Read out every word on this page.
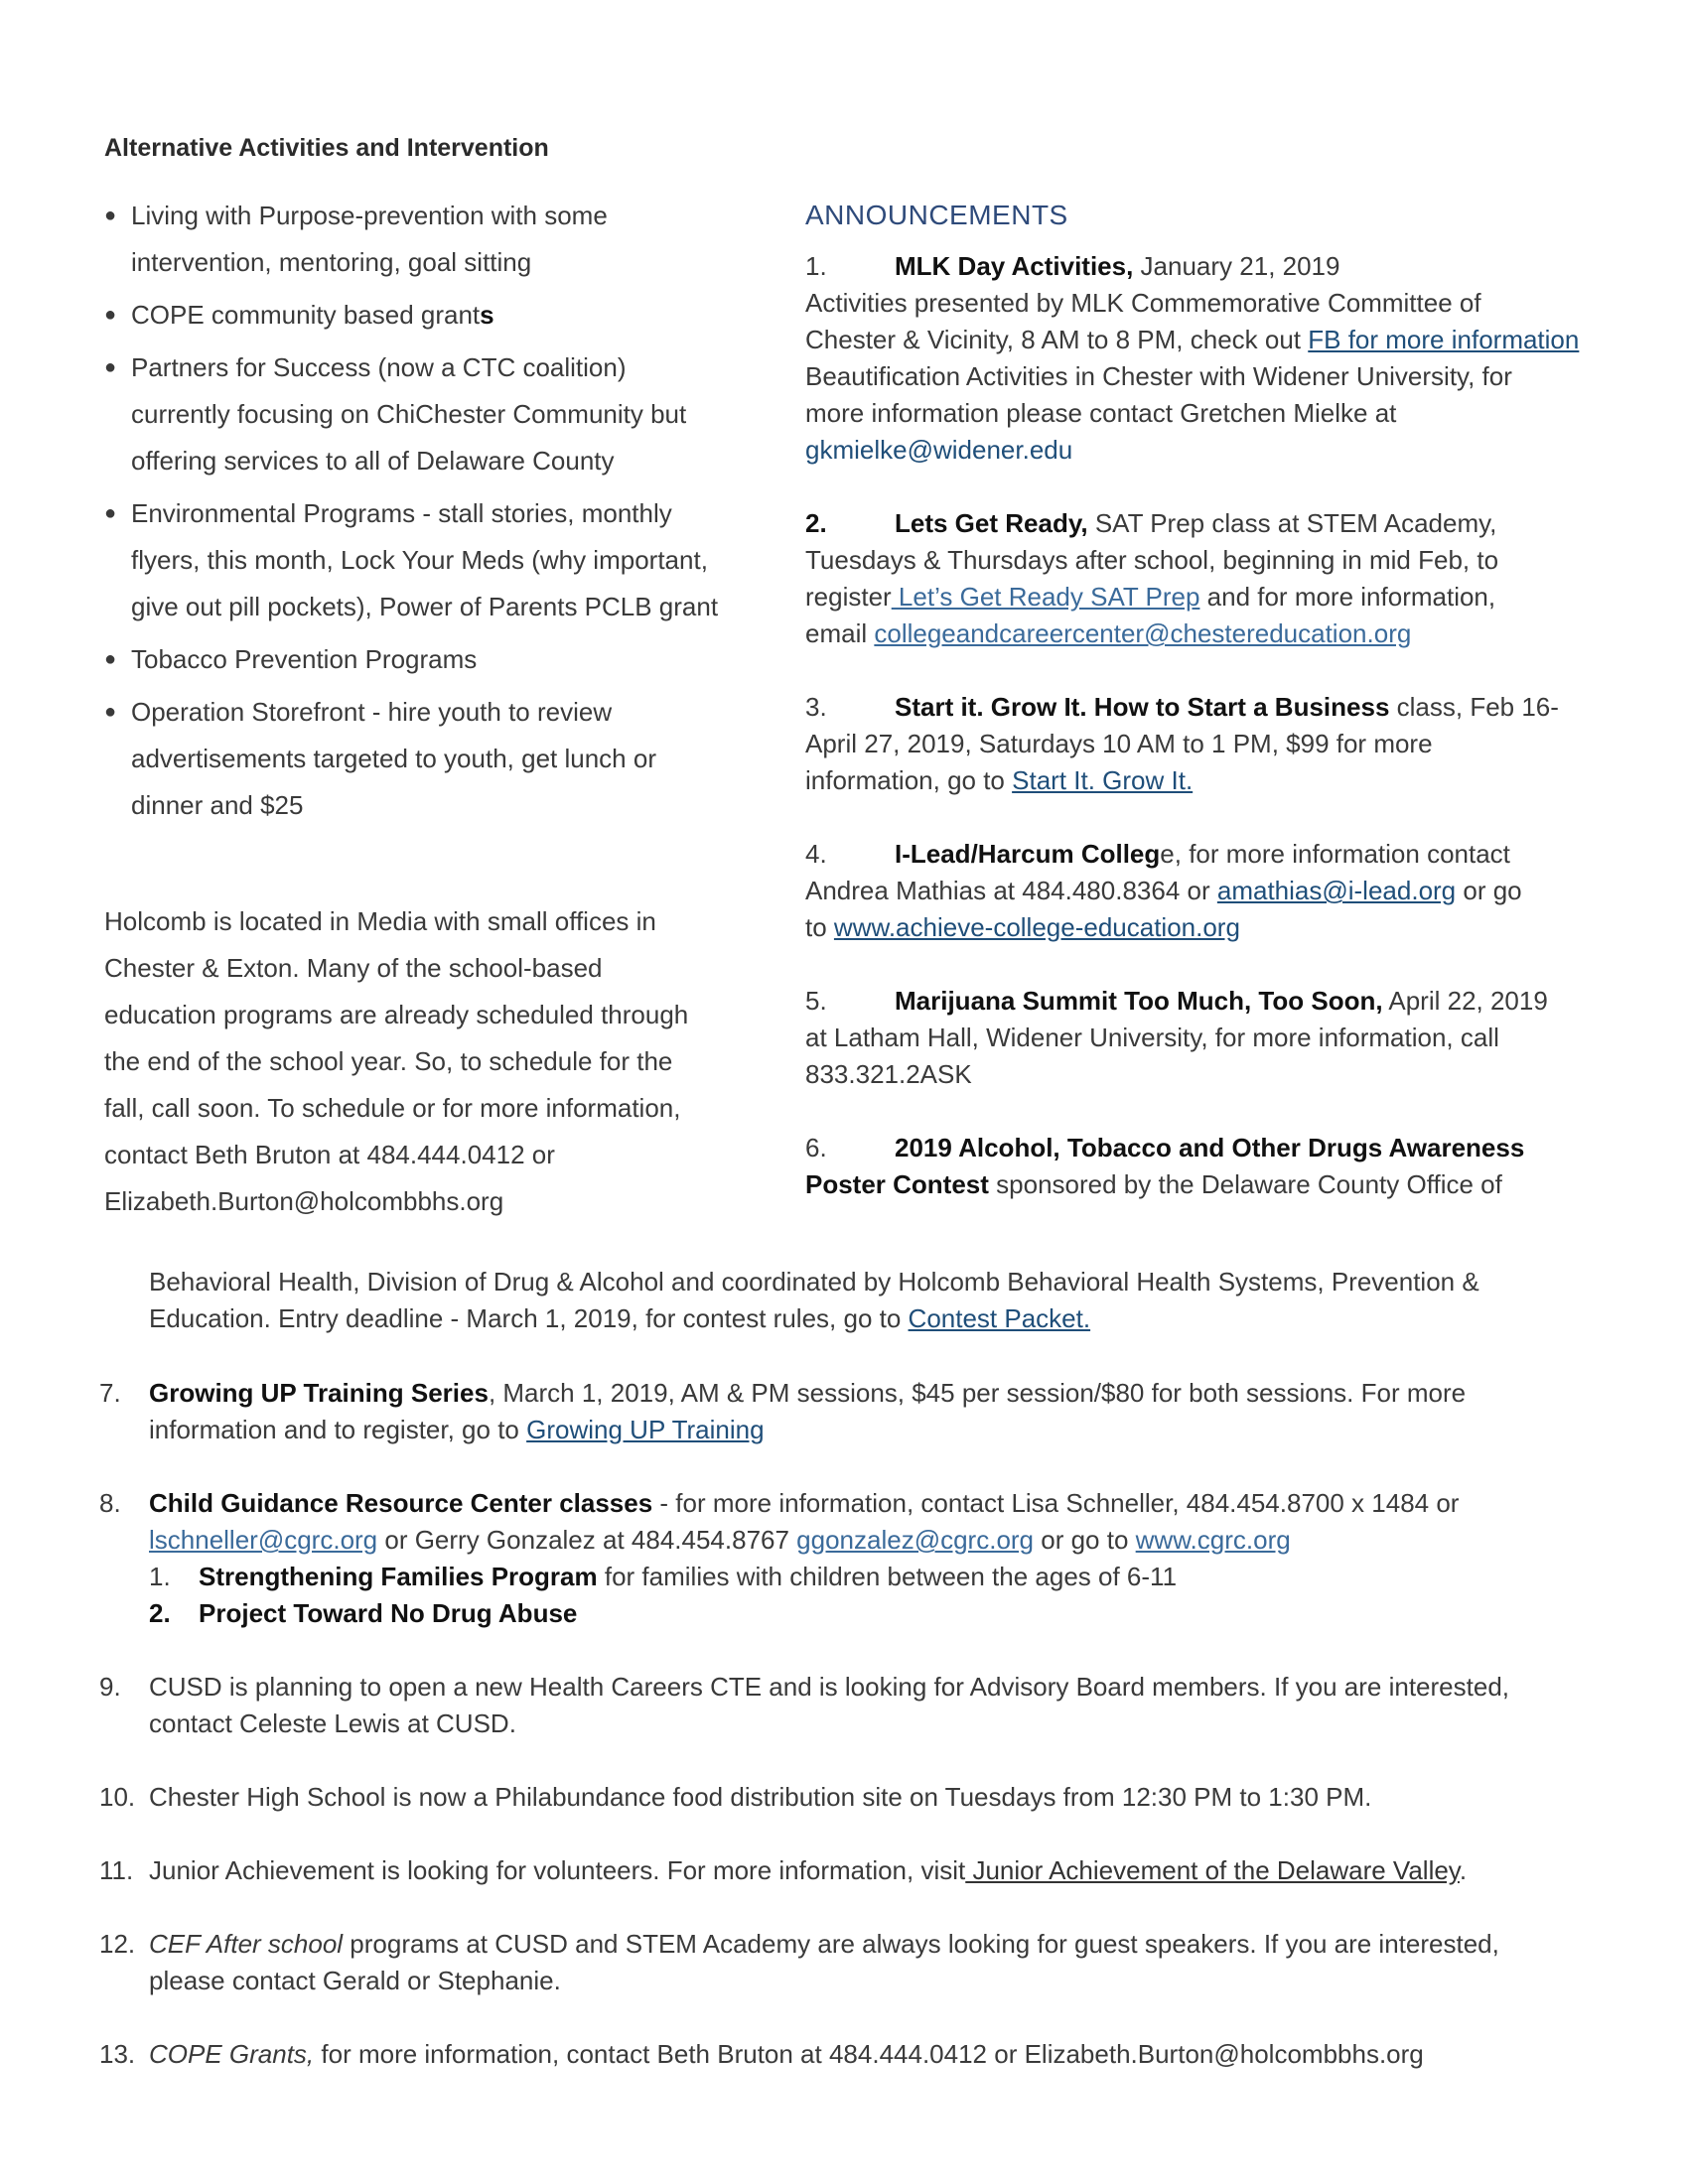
Alternative Activities and Intervention
● Living with Purpose-prevention with some
intervention, mentoring, goal sitting
● COPE community based grants
● Partners for Success (now a CTC coalition)
currently focusing on ChiChester Community but
offering services to all of Delaware County
● Environmental Programs - stall stories, monthly
flyers, this month, Lock Your Meds (why important,
give out pill pockets), Power of Parents PCLB grant
● Tobacco Prevention Programs
● Operation Storefront - hire youth to review
advertisements targeted to youth, get lunch or
dinner and $25
Holcomb is located in Media with small offices in
Chester & Exton. Many of the school-based
education programs are already scheduled through
the end of the school year. So, to schedule for the
fall, call soon. To schedule or for more information,
contact Beth Bruton at 484.444.0412 or
Elizabeth.Burton@holcombbhs.org
ANNOUNCEMENTS
1.	MLK Day Activities, January 21, 2019
Activities presented by MLK Commemorative Committee of
Chester & Vicinity, 8 AM to 8 PM, check out FB for more information
Beautification Activities in Chester with Widener University, for
more information please contact Gretchen Mielke at
gkmielke@widener.edu
2.	Lets Get Ready, SAT Prep class at STEM Academy,
Tuesdays & Thursdays after school, beginning in mid Feb, to
register Let’s Get Ready SAT Prep and for more information,
email collegeandcareercenter@chestereducation.org
3.	Start it. Grow It. How to Start a Business class, Feb 16-
April 27, 2019, Saturdays 10 AM to 1 PM, $99 for more
information, go to Start It. Grow It.
4.	I-Lead/Harcum College, for more information contact
Andrea Mathias at 484.480.8364 or amathias@i-lead.org or go
to www.achieve-college-education.org
5.	Marijuana Summit Too Much, Too Soon, April 22, 2019
at Latham Hall, Widener University, for more information, call
833.321.2ASK
6.	2019 Alcohol, Tobacco and Other Drugs Awareness
Poster Contest sponsored by the Delaware County Office of
Behavioral Health, Division of Drug & Alcohol and coordinated by Holcomb Behavioral Health Systems, Prevention &
Education. Entry deadline - March 1, 2019, for contest rules, go to Contest Packet.
7. Growing UP Training Series, March 1, 2019, AM & PM sessions, $45 per session/$80 for both sessions. For more
information and to register, go to Growing UP Training
8. Child Guidance Resource Center classes - for more information, contact Lisa Schneller, 484.454.8700 x 1484 or
lschneller@cgrc.org or Gerry Gonzalez at 484.454.8767 ggonzalez@cgrc.org or go to www.cgrc.org
1. Strengthening Families Program for families with children between the ages of 6-11
2. Project Toward No Drug Abuse
9. CUSD is planning to open a new Health Careers CTE and is looking for Advisory Board members. If you are interested,
contact Celeste Lewis at CUSD.
10. Chester High School is now a Philabundance food distribution site on Tuesdays from 12:30 PM to 1:30 PM.
11. Junior Achievement is looking for volunteers. For more information, visit Junior Achievement of the Delaware Valley.
12. CEF After school programs at CUSD and STEM Academy are always looking for guest speakers. If you are interested,
please contact Gerald or Stephanie.
13. COPE Grants, for more information, contact Beth Bruton at 484.444.0412 or Elizabeth.Burton@holcombbhs.org
